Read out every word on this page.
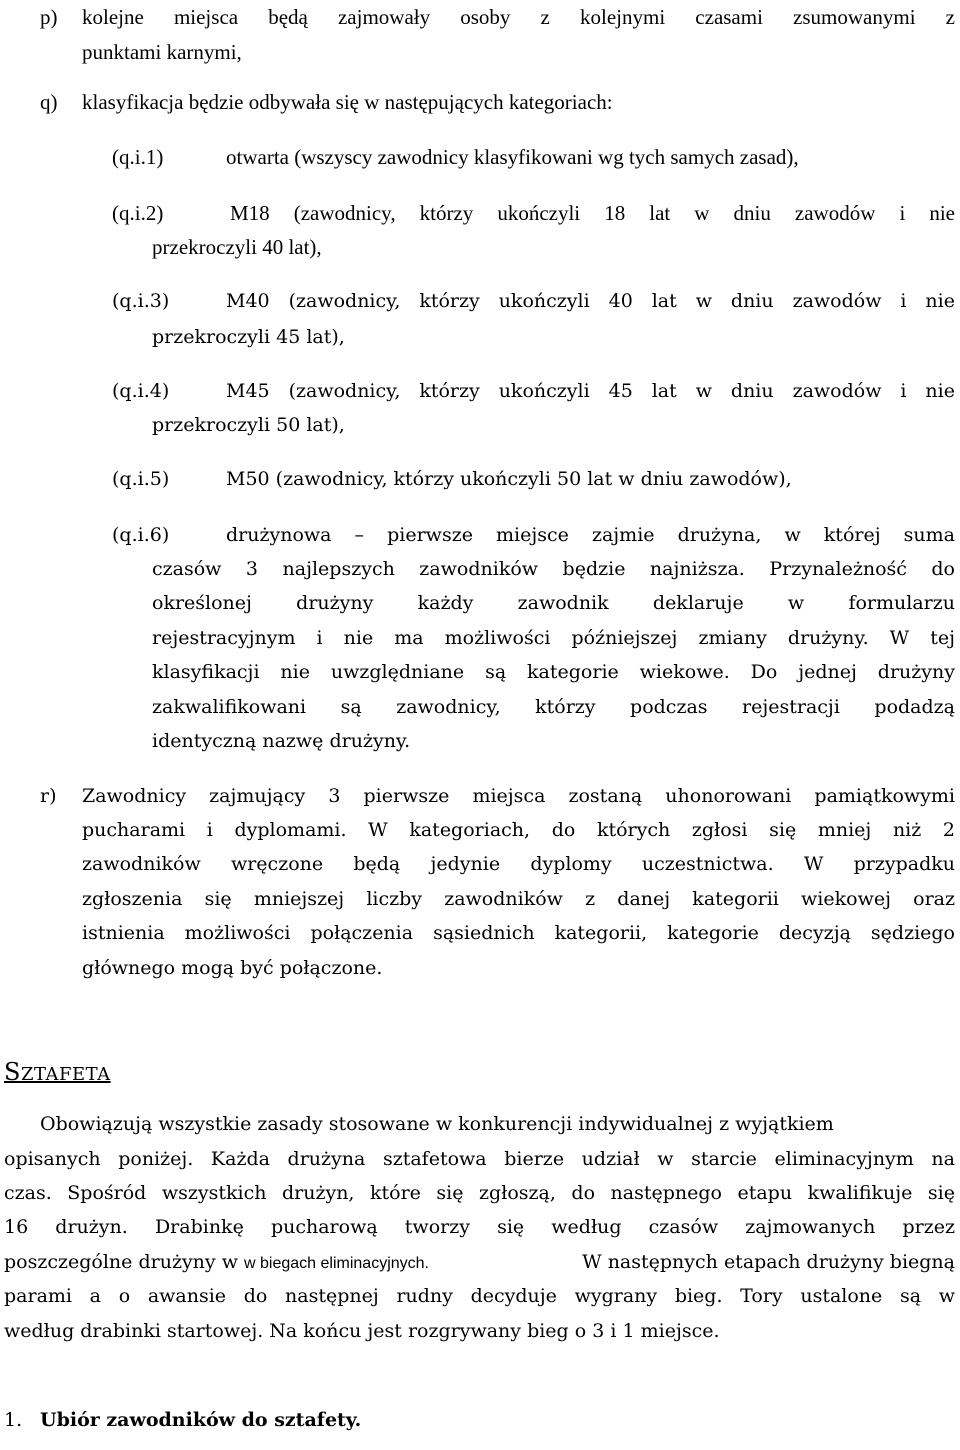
p) kolejne miejsca będą zajmowały osoby z kolejnymi czasami zsumowanymi z
punktami karnymi,
q) klasyfikacja będzie odbywała się w następujących kategoriach:
(q.i.1)	otwarta (wszyscy zawodnicy klasyfikowani wg tych samych zasad),
(q.i.2)	M18 (zawodnicy, którzy ukończyli 18 lat w dniu zawodów i nie
przekroczyli 40 lat),
(q.i.3)	M40 (zawodnicy, którzy ukończyli 40 lat w dniu zawodów i nie
przekroczyli 45 lat),
(q.i.4)	M45 (zawodnicy, którzy ukończyli 45 lat w dniu zawodów i nie
przekroczyli 50 lat),
(q.i.5)	M50 (zawodnicy, którzy ukończyli 50 lat w dniu zawodów),
(q.i.6)	drużynowa – pierwsze miejsce zajmie drużyna, w której suma
czasów 3 najlepszych zawodników będzie najniższa. Przynależność do
określonej drużyny każdy zawodnik deklaruje w formularzu
rejestracyjnym i nie ma możliwości późniejszej zmiany drużyny. W tej
klasyfikacji nie uwzględniane są kategorie wiekowe. Do jednej drużyny
zakwalifikowani są zawodnicy, którzy podczas rejestracji podadzą
identyczną nazwę drużyny.
r) Zawodnicy zajmujący 3 pierwsze miejsca zostaną uhonorowani pamiątkowymi
pucharami i dyplomami. W kategoriach, do których zgłosi się mniej niż 2
zawodników wręczone będą jedynie dyplomy uczestnictwa. W przypadku
zgłoszenia się mniejszej liczby zawodników z danej kategorii wiekowej oraz
istnienia możliwości połączenia sąsiednich kategorii, kategorie decyzją sędziego
głównego mogą być połączone.
SZTAFETA
Obowiązują wszystkie zasady stosowane w konkurencji indywidualnej z wyjątkiem
opisanych poniżej. Każda drużyna sztafetowa bierze udział w starcie eliminacyjnym na
czas. Spośród wszystkich drużyn, które się zgłoszą, do następnego etapu kwalifikuje się
16 drużyn. Drabinkę pucharową tworzy się według czasów zajmowanych przez
poszczególne drużyny w w biegach eliminacyjnych.	W następnych etapach drużyny biegną
parami a o awansie do następnej rudny decyduje wygrany bieg. Tory ustalone są w
według drabinki startowej. Na końcu jest rozgrywany bieg o 3 i 1 miejsce.
1. Ubiór zawodników do sztafety.
